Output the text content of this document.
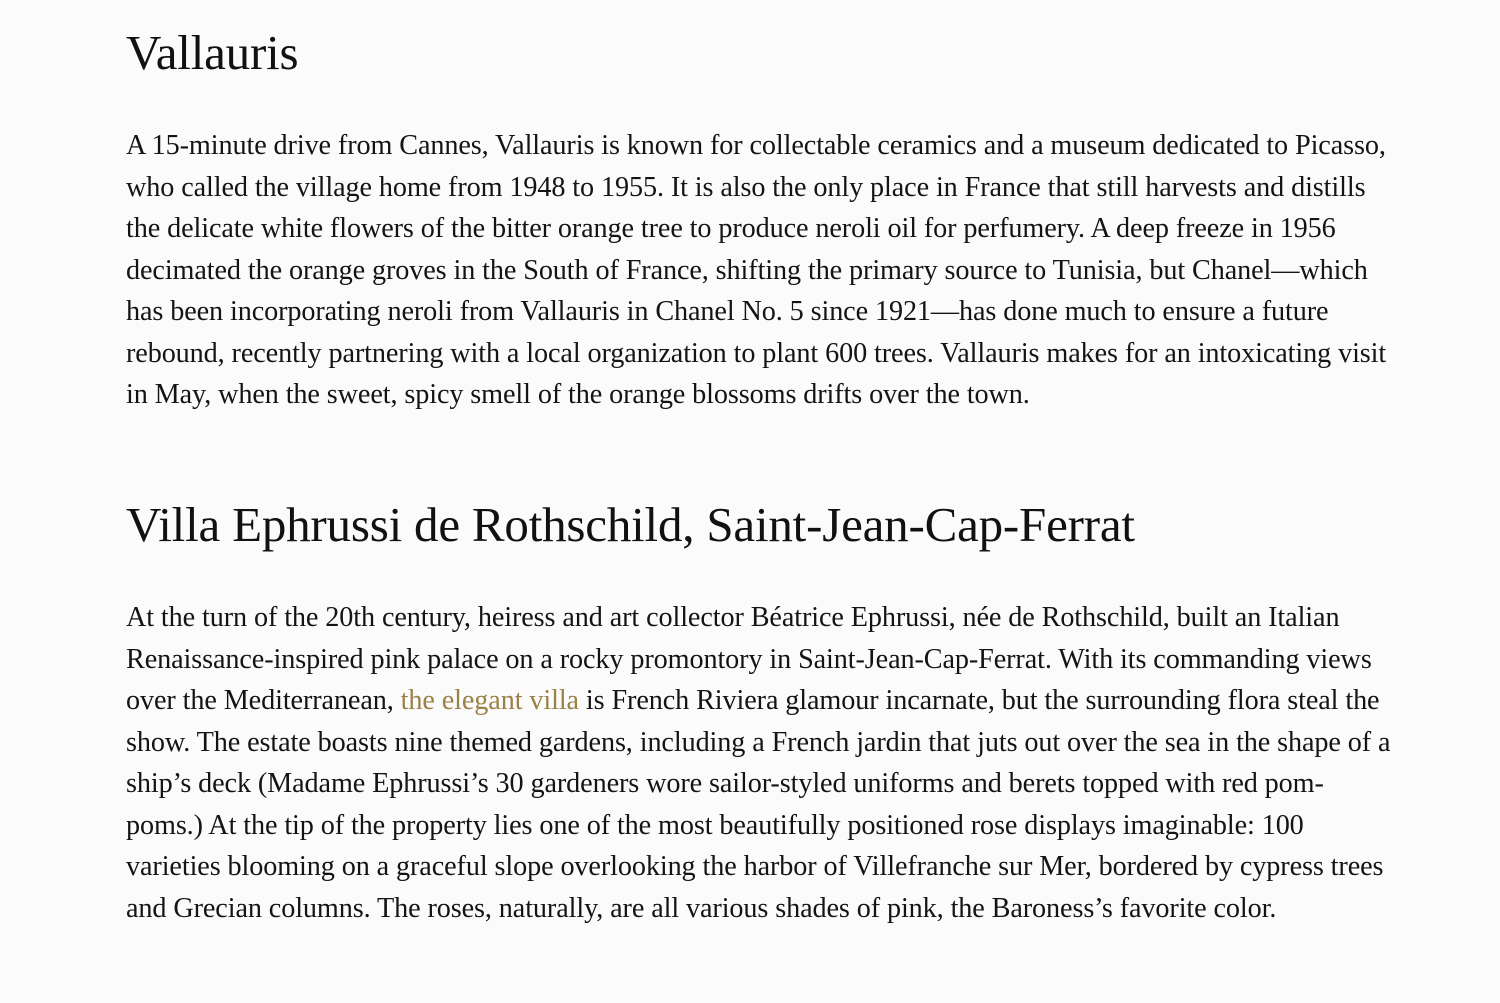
Vallauris

A 15-minute drive from Cannes, Vallauris is known for collectable ceramics and a museum dedicated to Picasso, who called the village home from 1948 to 1955. It is also the only place in France that still harvests and distills the delicate white flowers of the bitter orange tree to produce neroli oil for perfumery. A deep freeze in 1956 decimated the orange groves in the South of France, shifting the primary source to Tunisia, but Chanel—which has been incorporating neroli from Vallauris in Chanel No. 5 since 1921—has done much to ensure a future rebound, recently partnering with a local organization to plant 600 trees. Vallauris makes for an intoxicating visit in May, when the sweet, spicy smell of the orange blossoms drifts over the town.

Villa Ephrussi de Rothschild, Saint-Jean-Cap-Ferrat

At the turn of the 20th century, heiress and art collector Béatrice Ephrussi, née de Rothschild, built an Italian Renaissance-inspired pink palace on a rocky promontory in Saint-Jean-Cap-Ferrat. With its commanding views over the Mediterranean, the elegant villa is French Riviera glamour incarnate, but the surrounding flora steal the show. The estate boasts nine themed gardens, including a French jardin that juts out over the sea in the shape of a ship’s deck (Madame Ephrussi’s 30 gardeners wore sailor-styled uniforms and berets topped with red pom-poms.) At the tip of the property lies one of the most beautifully positioned rose displays imaginable: 100 varieties blooming on a graceful slope overlooking the harbor of Villefranche sur Mer, bordered by cypress trees and Grecian columns. The roses, naturally, are all various shades of pink, the Baroness’s favorite color.
